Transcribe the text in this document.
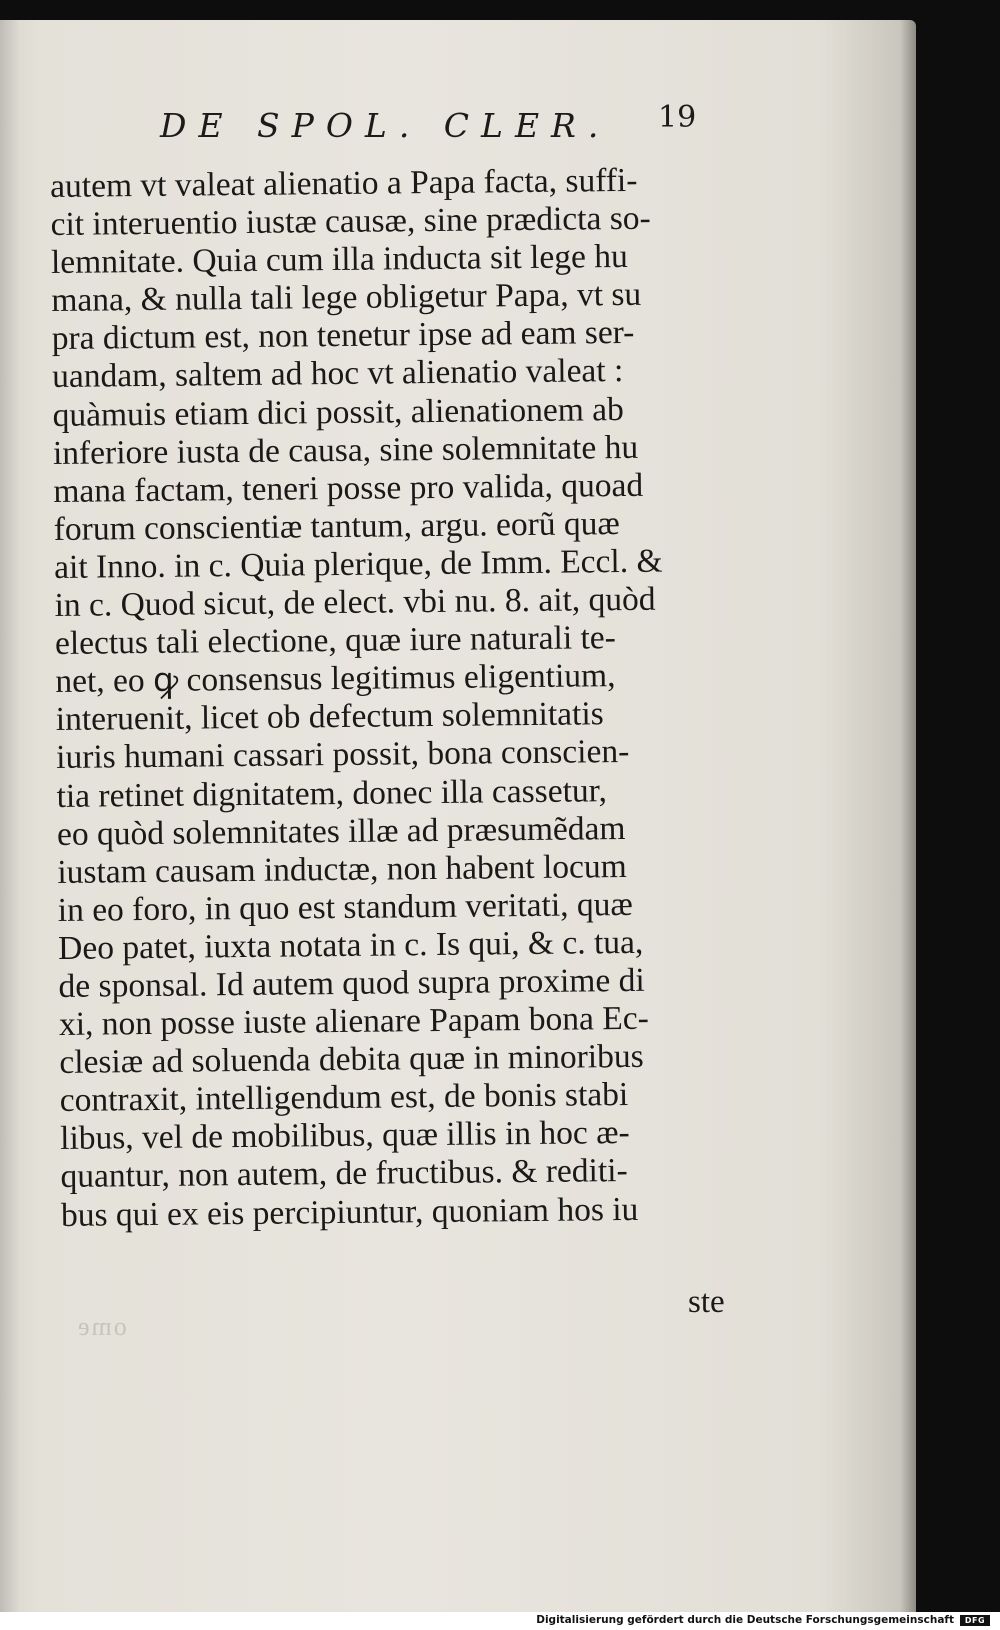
DE SPOL. CLER.	19
autem vt valeat alienatio a Papa facta, suffi-
cit interuentio iustæ causæ, sine prædicta so-
lemnitate. Quia cum illa inducta sit lege hu
mana, & nulla tali lege obligetur Papa, vt su
pra dictum est, non tenetur ipse ad eam ser-
uandam, saltem ad hoc vt alienatio valeat :
quàmuis etiam dici possit, alienationem ab
inferiore iusta de causa, sine solemnitate hu
mana factam, teneri posse pro valida, quoad
forum conscientiæ tantum, argu. eorũ quæ
ait Inno. in c. Quia plerique, de Imm. Eccl. &
in c. Quod sicut, de elect. vbi nu. 8. ait, quòd
electus tali electione, quæ iure naturali te-
net, eo ꝙ consensus legitimus eligentium,
interuenit, licet ob defectum solemnitatis
iuris humani cassari possit, bona conscien-
tia retinet dignitatem, donec illa cassetur,
eo quòd solemnitates illæ ad præsumẽdam
iustam causam inductæ, non habent locum
in eo foro, in quo est standum veritati, quæ
Deo patet, iuxta notata in c. Is qui, & c. tua,
de sponsal. Id autem quod supra proxime di
xi, non posse iuste alienare Papam bona Ec-
clesiæ ad soluenda debita quæ in minoribus
contraxit, intelligendum est, de bonis stabi
libus, vel de mobilibus, quæ illis in hoc æ-
quantur, non autem, de fructibus. & rediti-
bus qui ex eis percipiuntur, quoniam hos iu
ste
ome
Digitalisierung gefördert durch die Deutsche Forschungsgemeinschaft	DFG
